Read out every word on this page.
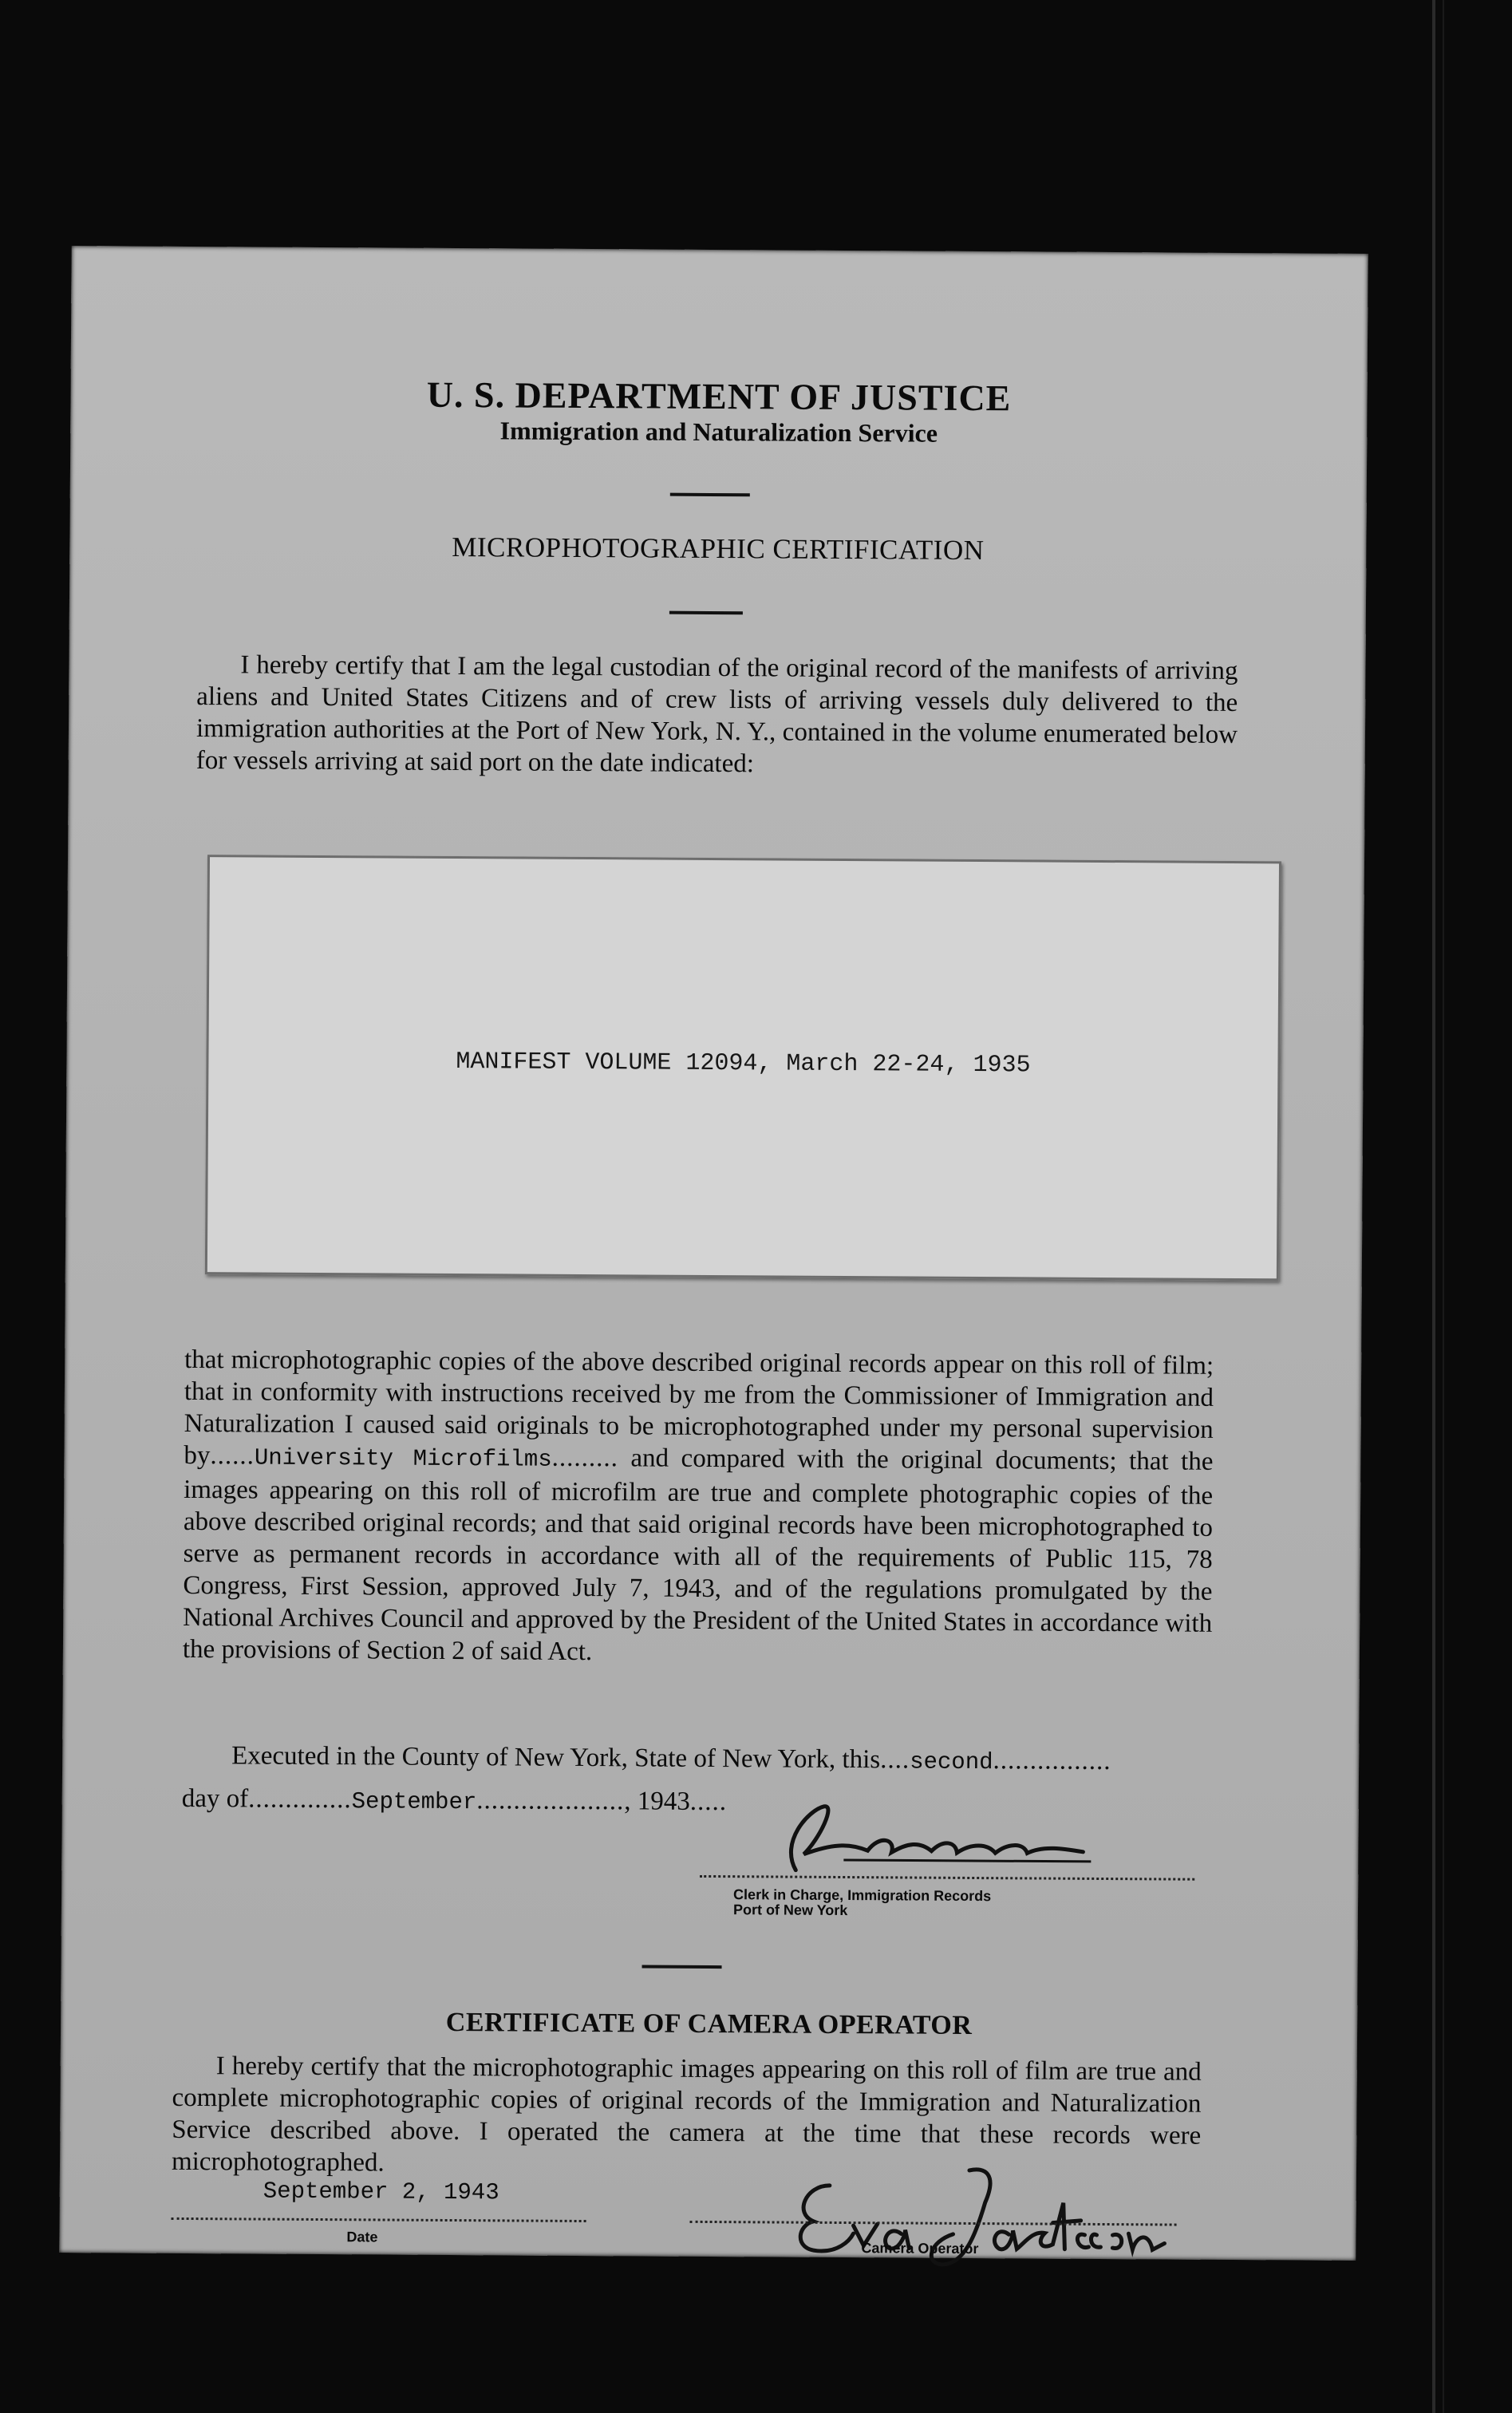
U. S. DEPARTMENT OF JUSTICE
Immigration and Naturalization Service
MICROPHOTOGRAPHIC CERTIFICATION
I hereby certify that I am the legal custodian of the original record of the manifests of arriving aliens and United States Citizens and of crew lists of arriving vessels duly delivered to the immigration authorities at the Port of New York, N. Y., contained in the volume enumerated below for vessels arriving at said port on the date indicated:
MANIFEST VOLUME 12094, March 22-24, 1935
that microphotographic copies of the above described original records appear on this roll of film; that in conformity with instructions received by me from the Commissioner of Immigration and Naturalization I caused said originals to be microphotographed under my personal supervision by......University Microfilms......... and compared with the original documents; that the images appearing on this roll of microfilm are true and complete photographic copies of the above described original records; and that said original records have been microphotographed to serve as permanent records in accordance with all of the requirements of Public 115, 78 Congress, First Session, approved July 7, 1943, and of the regulations promulgated by the National Archives Council and approved by the President of the United States in accordance with the provisions of Section 2 of said Act.
Executed in the County of New York, State of New York, this....second................
day of..............September...................., 1943.....
Clerk in Charge, Immigration Records
Port of New York
CERTIFICATE OF CAMERA OPERATOR
I hereby certify that the microphotographic images appearing on this roll of film are true and complete microphotographic copies of original records of the Immigration and Naturalization Service described above. I operated the camera at the time that these records were microphotographed.
September 2, 1943
Date
Camera Operator
